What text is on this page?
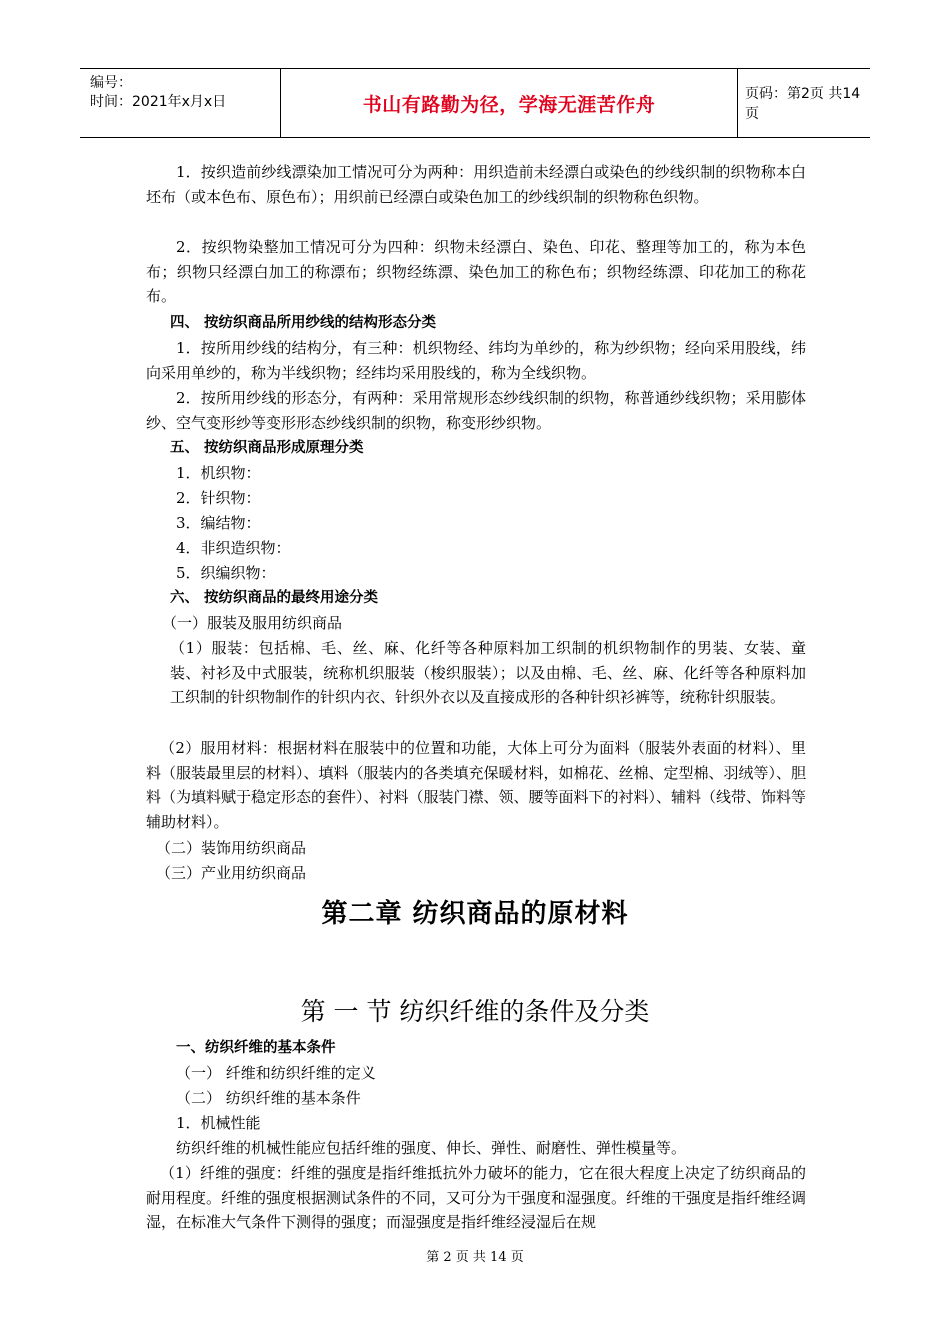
编号：
时间：2021年x月x日	书山有路勤为径，学海无涯苦作舟	页码：第2页 共14页
1．按织造前纱线漂染加工情况可分为两种：用织造前未经漂白或染色的纱线织制的织物称本白坯布（或本色布、原色布）；用织前已经漂白或染色加工的纱线织制的织物称色织物。
2．按织物染整加工情况可分为四种：织物未经漂白、染色、印花、整理等加工的，称为本色布；织物只经漂白加工的称漂布；织物经练漂、染色加工的称色布；织物经练漂、印花加工的称花布。
四、 按纺织商品所用纱线的结构形态分类
1．按所用纱线的结构分，有三种：机织物经、纬均为单纱的，称为纱织物；经向采用股线，纬向采用单纱的，称为半线织物；经纬均采用股线的，称为全线织物。
2．按所用纱线的形态分，有两种：采用常规形态纱线织制的织物，称普通纱线织物；采用膨体纱、空气变形纱等变形形态纱线织制的织物，称变形纱织物。
五、 按纺织商品形成原理分类
1．机织物：
2．针织物：
3．编结物：
4．非织造织物：
5．织编织物：
六、 按纺织商品的最终用途分类
（一）服装及服用纺织商品
（1）服装：包括棉、毛、丝、麻、化纤等各种原料加工织制的机织物制作的男装、女装、童装、衬衫及中式服装，统称机织服装（梭织服装）；以及由棉、毛、丝、麻、化纤等各种原料加工织制的针织物制作的针织内衣、针织外衣以及直接成形的各种针织衫裤等，统称针织服装。
（2）服用材料：根据材料在服装中的位置和功能，大体上可分为面料（服装外表面的材料）、里料（服装最里层的材料）、填料（服装内的各类填充保暖材料，如棉花、丝棉、定型棉、羽绒等）、胆料（为填料赋于稳定形态的套件）、衬料（服装门襟、领、腰等面料下的衬料）、辅料（线带、饰料等辅助材料）。
（二）装饰用纺织商品
（三）产业用纺织商品
第二章 纺织商品的原材料
第 一 节 纺织纤维的条件及分类
一、纺织纤维的基本条件
（一） 纤维和纺织纤维的定义
（二） 纺织纤维的基本条件
1．机械性能
纺织纤维的机械性能应包括纤维的强度、伸长、弹性、耐磨性、弹性模量等。
（1）纤维的强度：纤维的强度是指纤维抵抗外力破坏的能力，它在很大程度上决定了纺织商品的耐用程度。纤维的强度根据测试条件的不同，又可分为干强度和湿强度。纤维的干强度是指纤维经调湿，在标准大气条件下测得的强度；而湿强度是指纤维经浸湿后在规
第 2 页 共 14 页
